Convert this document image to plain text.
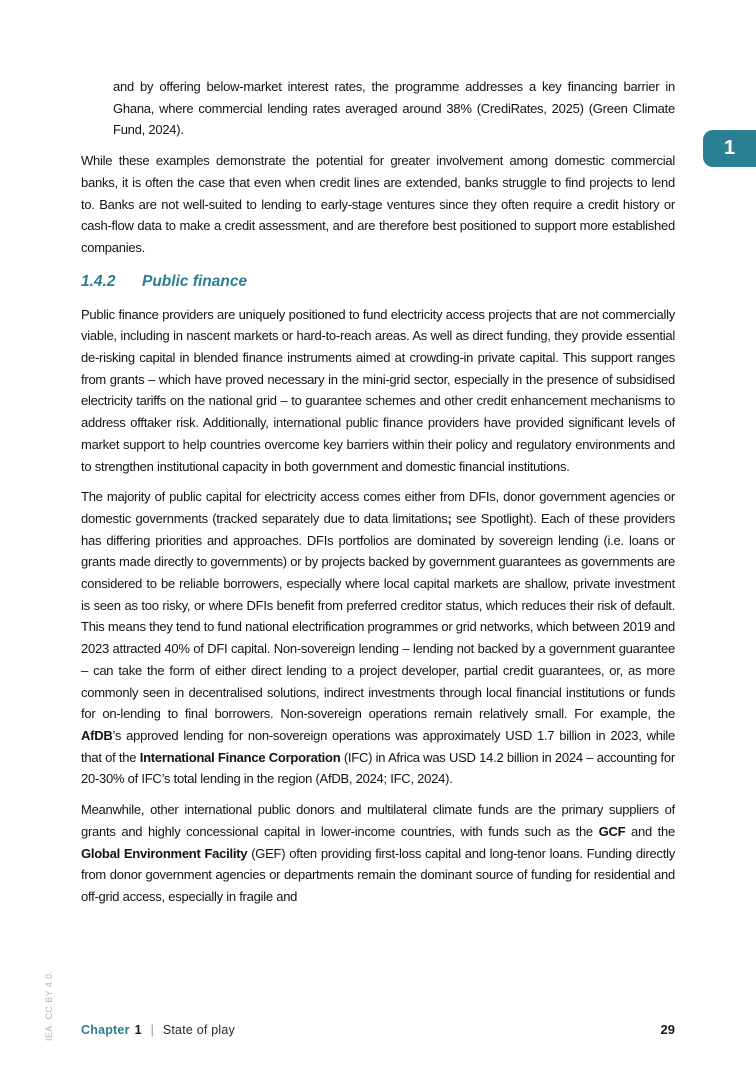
1

and by offering below-market interest rates, the programme addresses a key financing barrier in Ghana, where commercial lending rates averaged around 38% (CrediRates, 2025) (Green Climate Fund, 2024).

While these examples demonstrate the potential for greater involvement among domestic commercial banks, it is often the case that even when credit lines are extended, banks struggle to find projects to lend to. Banks are not well-suited to lending to early-stage ventures since they often require a credit history or cash-flow data to make a credit assessment, and are therefore best positioned to support more established companies.

1.4.2	Public finance

Public finance providers are uniquely positioned to fund electricity access projects that are not commercially viable, including in nascent markets or hard-to-reach areas. As well as direct funding, they provide essential de-risking capital in blended finance instruments aimed at crowding-in private capital. This support ranges from grants – which have proved necessary in the mini-grid sector, especially in the presence of subsidised electricity tariffs on the national grid – to guarantee schemes and other credit enhancement mechanisms to address offtaker risk. Additionally, international public finance providers have provided significant levels of market support to help countries overcome key barriers within their policy and regulatory environments and to strengthen institutional capacity in both government and domestic financial institutions.

The majority of public capital for electricity access comes either from DFIs, donor government agencies or domestic governments (tracked separately due to data limitations; see Spotlight). Each of these providers has differing priorities and approaches. DFIs portfolios are dominated by sovereign lending (i.e. loans or grants made directly to governments) or by projects backed by government guarantees as governments are considered to be reliable borrowers, especially where local capital markets are shallow, private investment is seen as too risky, or where DFIs benefit from preferred creditor status, which reduces their risk of default. This means they tend to fund national electrification programmes or grid networks, which between 2019 and 2023 attracted 40% of DFI capital. Non-sovereign lending – lending not backed by a government guarantee – can take the form of either direct lending to a project developer, partial credit guarantees, or, as more commonly seen in decentralised solutions, indirect investments through local financial institutions or funds for on-lending to final borrowers. Non-sovereign operations remain relatively small. For example, the AfDB’s approved lending for non-sovereign operations was approximately USD 1.7 billion in 2023, while that of the International Finance Corporation (IFC) in Africa was USD 14.2 billion in 2024 – accounting for 20-30% of IFC’s total lending in the region (AfDB, 2024; IFC, 2024).

Meanwhile, other international public donors and multilateral climate funds are the primary suppliers of grants and highly concessional capital in lower-income countries, with funds such as the GCF and the Global Environment Facility (GEF) often providing first-loss capital and long-tenor loans. Funding directly from donor government agencies or departments remain the dominant source of funding for residential and off-grid access, especially in fragile and

Chapter 1 | State of play	29
IEA. CC BY 4.0.
